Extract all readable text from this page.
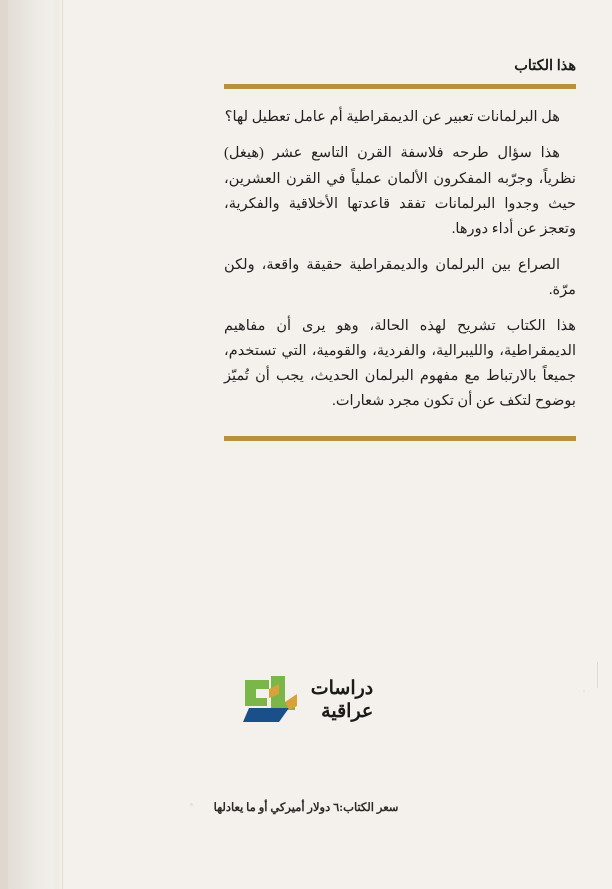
هذا الكتاب

هل البرلمانات تعبير عن الديمقراطية أم عامل تعطيل لها؟

هذا سؤال طرحه فلاسفة القرن التاسع عشر (هيغل) نظرياً، وجرّبه المفكرون الألمان عملياً في القرن العشرين، حيث وجدوا البرلمانات تفقد قاعدتها الأخلاقية والفكرية، وتعجز عن أداء دورها.

الصراع بين البرلمان والديمقراطية حقيقة واقعة، ولكن مرّة.

هذا الكتاب تشريح لهذه الحالة، وهو يرى أن مفاهيم الديمقراطية، والليبرالية، والفردية، والقومية، التي تستخدم، جميعاً بالارتباط مع مفهوم البرلمان الحديث، يجب أن تُميّز بوضوح لتكف عن أن تكون مجرد شعارات.

دراسات
عراقية
سعر الكتاب:٦ دولار أميركي أو ما يعادلها
